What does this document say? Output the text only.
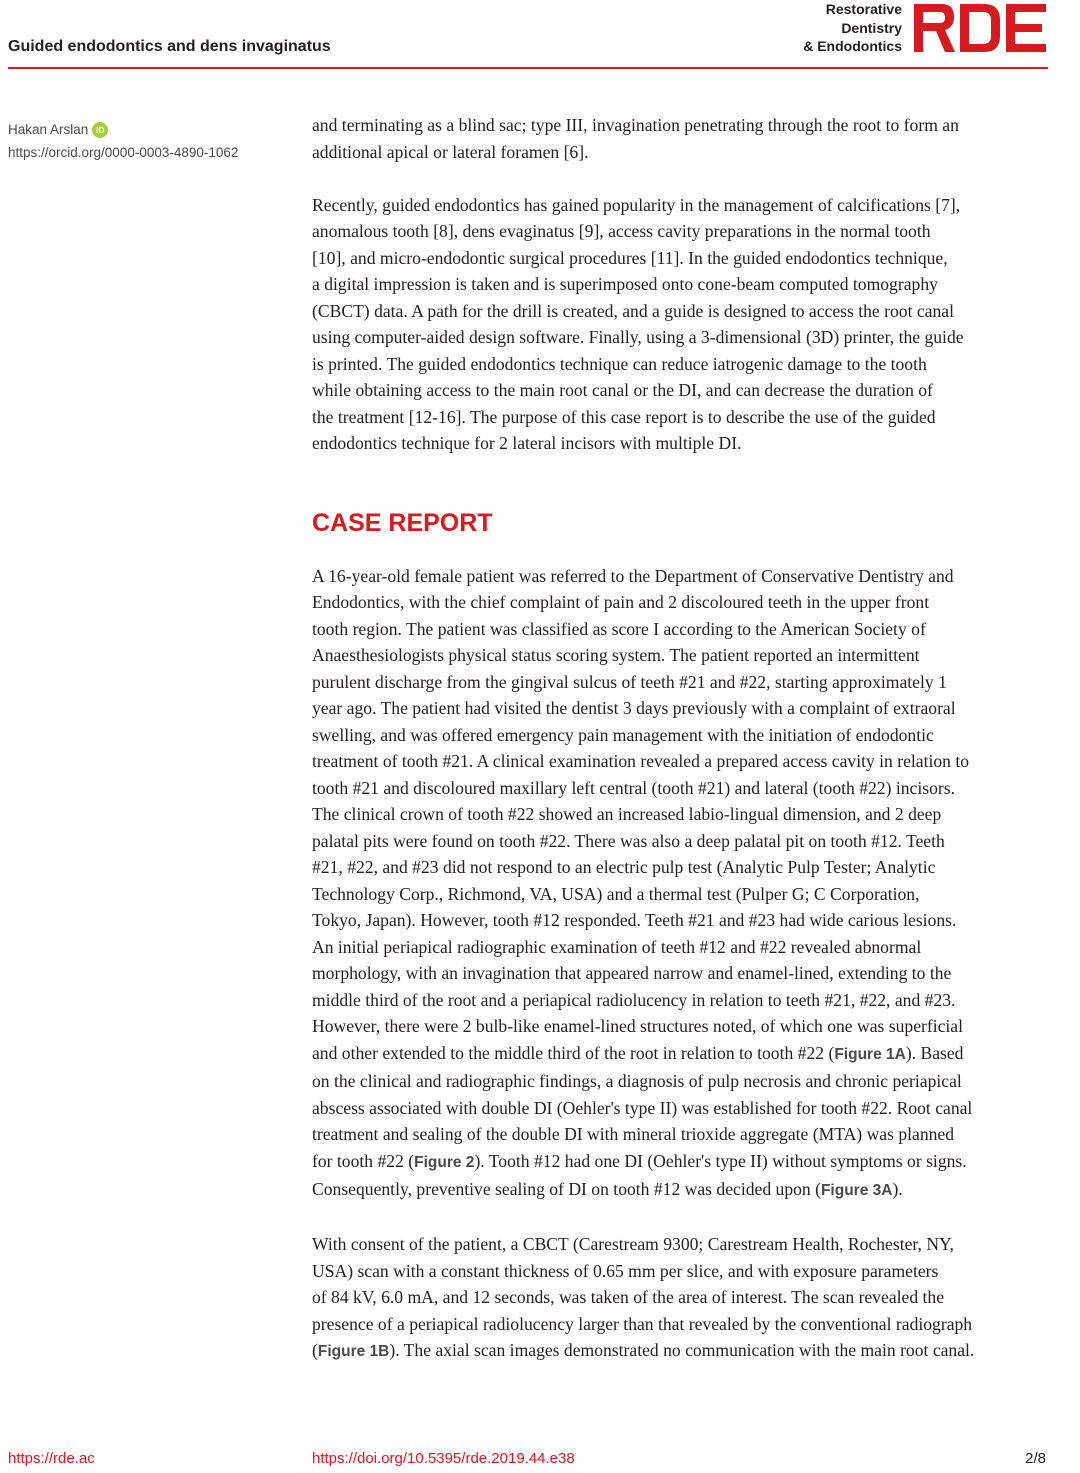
Guided endodontics and dens invaginatus
Restorative
Dentistry
& Endodontics
Hakan Arslan iD
https://orcid.org/0000-0003-4890-1062

and terminating as a blind sac; type III, invagination penetrating through the root to form an
additional apical or lateral foramen [6].

Recently, guided endodontics has gained popularity in the management of calcifications [7],
anomalous tooth [8], dens evaginatus [9], access cavity preparations in the normal tooth
[10], and micro-endodontic surgical procedures [11]. In the guided endodontics technique,
a digital impression is taken and is superimposed onto cone-beam computed tomography
(CBCT) data. A path for the drill is created, and a guide is designed to access the root canal
using computer-aided design software. Finally, using a 3-dimensional (3D) printer, the guide
is printed. The guided endodontics technique can reduce iatrogenic damage to the tooth
while obtaining access to the main root canal or the DI, and can decrease the duration of
the treatment [12-16]. The purpose of this case report is to describe the use of the guided
endodontics technique for 2 lateral incisors with multiple DI.

CASE REPORT

A 16-year-old female patient was referred to the Department of Conservative Dentistry and
Endodontics, with the chief complaint of pain and 2 discoloured teeth in the upper front
tooth region. The patient was classified as score I according to the American Society of
Anaesthesiologists physical status scoring system. The patient reported an intermittent
purulent discharge from the gingival sulcus of teeth #21 and #22, starting approximately 1
year ago. The patient had visited the dentist 3 days previously with a complaint of extraoral
swelling, and was offered emergency pain management with the initiation of endodontic
treatment of tooth #21. A clinical examination revealed a prepared access cavity in relation to
tooth #21 and discoloured maxillary left central (tooth #21) and lateral (tooth #22) incisors.
The clinical crown of tooth #22 showed an increased labio-lingual dimension, and 2 deep
palatal pits were found on tooth #22. There was also a deep palatal pit on tooth #12. Teeth
#21, #22, and #23 did not respond to an electric pulp test (Analytic Pulp Tester; Analytic
Technology Corp., Richmond, VA, USA) and a thermal test (Pulper G; C Corporation,
Tokyo, Japan). However, tooth #12 responded. Teeth #21 and #23 had wide carious lesions.
An initial periapical radiographic examination of teeth #12 and #22 revealed abnormal
morphology, with an invagination that appeared narrow and enamel-lined, extending to the
middle third of the root and a periapical radiolucency in relation to teeth #21, #22, and #23.
However, there were 2 bulb-like enamel-lined structures noted, of which one was superficial
and other extended to the middle third of the root in relation to tooth #22 (Figure 1A). Based
on the clinical and radiographic findings, a diagnosis of pulp necrosis and chronic periapical
abscess associated with double DI (Oehler's type II) was established for tooth #22. Root canal
treatment and sealing of the double DI with mineral trioxide aggregate (MTA) was planned
for tooth #22 (Figure 2). Tooth #12 had one DI (Oehler's type II) without symptoms or signs.
Consequently, preventive sealing of DI on tooth #12 was decided upon (Figure 3A).

With consent of the patient, a CBCT (Carestream 9300; Carestream Health, Rochester, NY,
USA) scan with a constant thickness of 0.65 mm per slice, and with exposure parameters
of 84 kV, 6.0 mA, and 12 seconds, was taken of the area of interest. The scan revealed the
presence of a periapical radiolucency larger than that revealed by the conventional radiograph
(Figure 1B). The axial scan images demonstrated no communication with the main root canal.

https://rde.ac	https://doi.org/10.5395/rde.2019.44.e38	2/8
